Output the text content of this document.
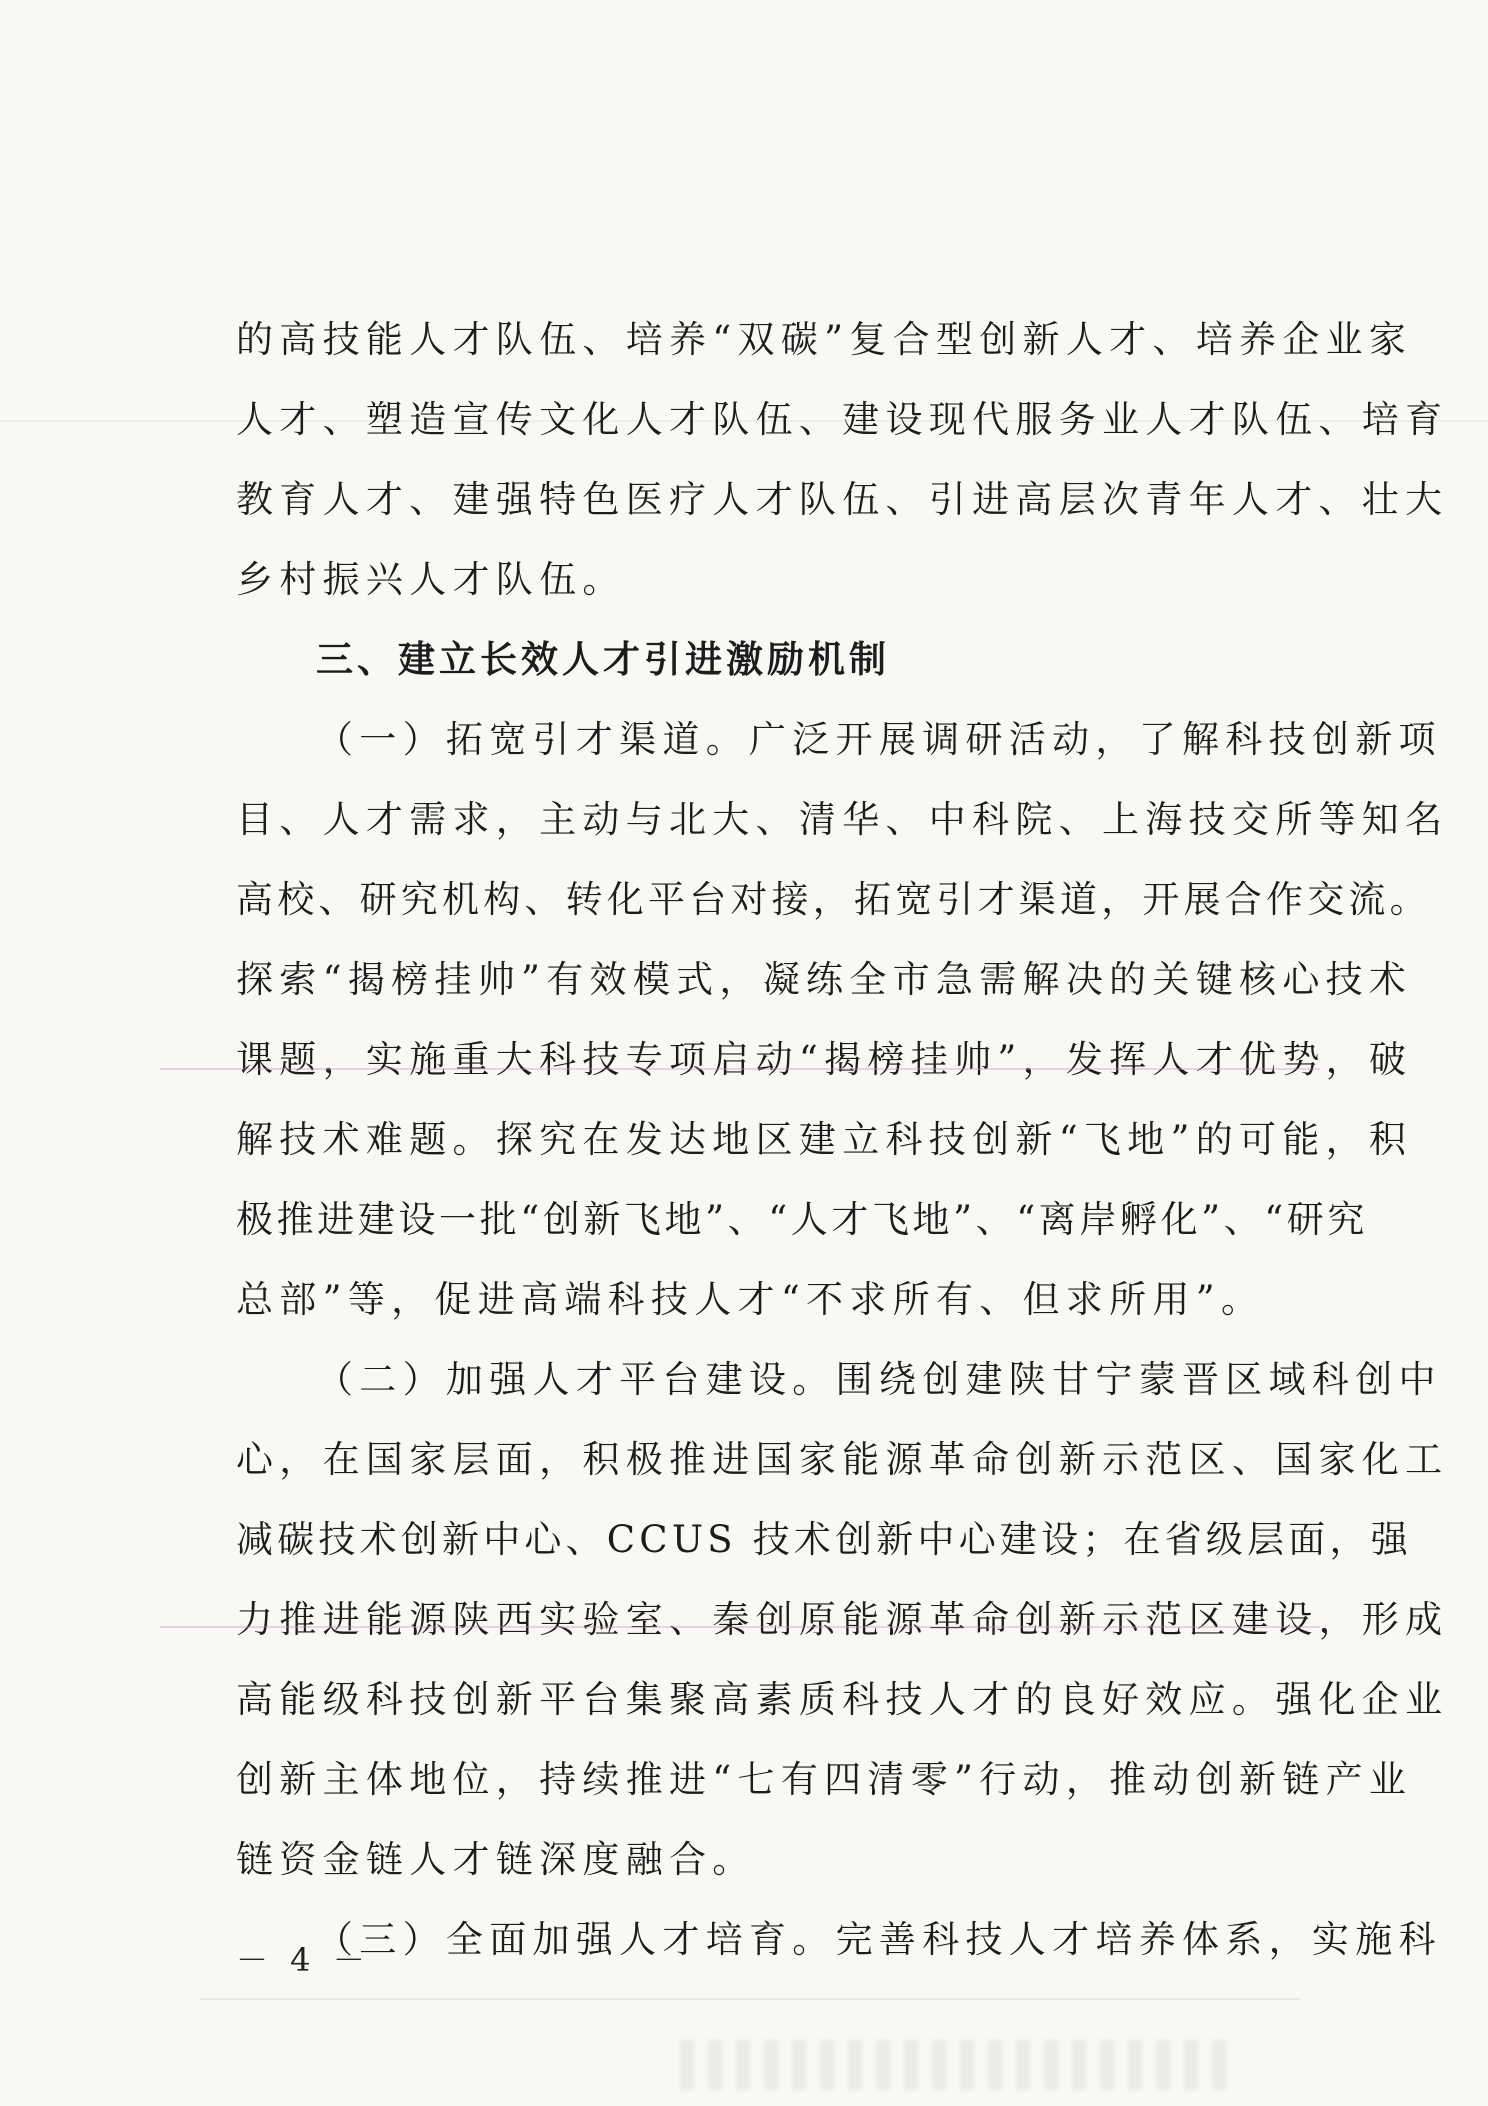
的高技能人才队伍、培养“双碳”复合型创新人才、培养企业家
人才、塑造宣传文化人才队伍、建设现代服务业人才队伍、培育
教育人才、建强特色医疗人才队伍、引进高层次青年人才、壮大
乡村振兴人才队伍。
三、建立长效人才引进激励机制
（一）拓宽引才渠道。广泛开展调研活动，了解科技创新项
目、人才需求，主动与北大、清华、中科院、上海技交所等知名
高校、研究机构、转化平台对接，拓宽引才渠道，开展合作交流。
探索“揭榜挂帅”有效模式，凝练全市急需解决的关键核心技术
课题，实施重大科技专项启动“揭榜挂帅”，发挥人才优势，破
解技术难题。探究在发达地区建立科技创新“飞地”的可能，积
极推进建设一批“创新飞地”、“人才飞地”、“离岸孵化”、“研究
总部”等，促进高端科技人才“不求所有、但求所用”。
（二）加强人才平台建设。围绕创建陕甘宁蒙晋区域科创中
心，在国家层面，积极推进国家能源革命创新示范区、国家化工
减碳技术创新中心、CCUS 技术创新中心建设；在省级层面，强
力推进能源陕西实验室、秦创原能源革命创新示范区建设，形成
高能级科技创新平台集聚高素质科技人才的良好效应。强化企业
创新主体地位，持续推进“七有四清零”行动，推动创新链产业
链资金链人才链深度融合。
（三）全面加强人才培育。完善科技人才培养体系，实施科
－ 4 －
